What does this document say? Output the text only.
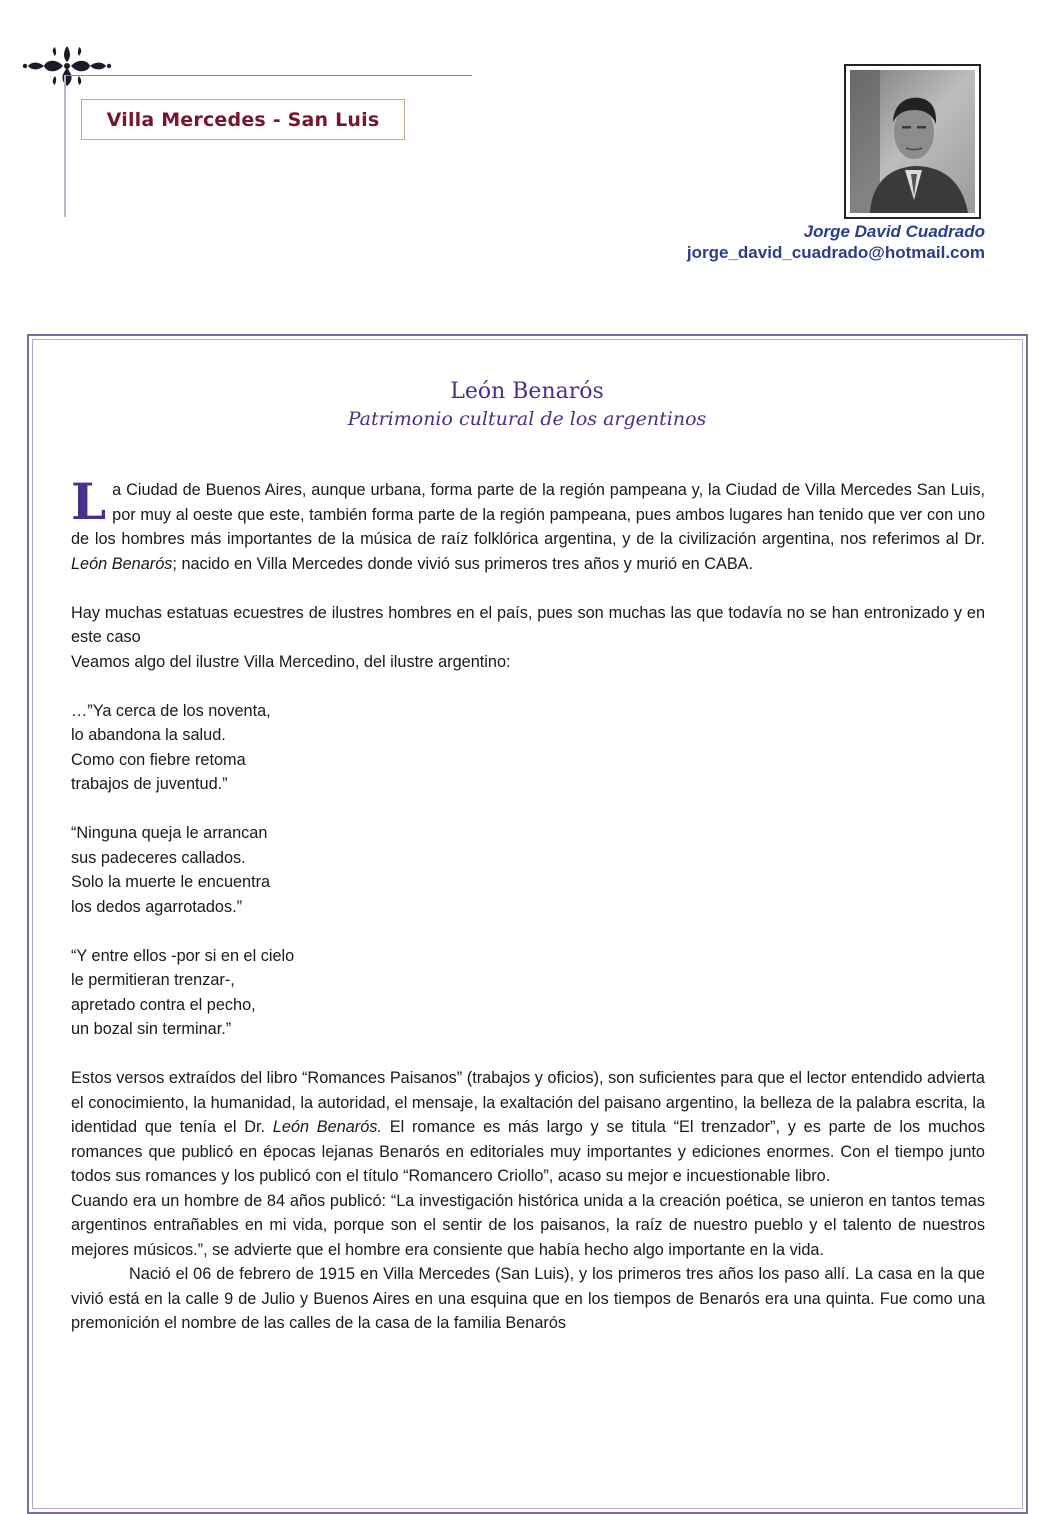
Villa Mercedes - San Luis
Jorge David Cuadrado
jorge_david_cuadrado@hotmail.com
León Benarós
Patrimonio cultural de los argentinos

La Ciudad de Buenos Aires, aunque urbana, forma parte de la región pampeana y, la Ciudad de Villa Mercedes San Luis, por muy al oeste que este, también forma parte de la región pampeana, pues ambos lugares han tenido que ver con uno de los hombres más importantes de la música de raíz folklórica argentina, y de la civilización argentina, nos referimos al Dr. León Benarós; nacido en Villa Mercedes donde vivió sus primeros tres años y murió en CABA.

Hay muchas estatuas ecuestres de ilustres hombres en el país, pues son muchas las que todavía no se han entronizado y en este caso

Veamos algo del ilustre Villa Mercedino, del ilustre argentino:

…”Ya cerca de los noventa,

lo abandona la salud.

Como con fiebre retoma

trabajos de juventud.”

“Ninguna queja le arrancan

sus padeceres callados.

Solo la muerte le encuentra

los dedos agarrotados.”

“Y entre ellos -por si en el cielo

le permitieran trenzar-,

apretado contra el pecho,

un bozal sin terminar.”

Estos versos extraídos del libro “Romances Paisanos” (trabajos y oficios), son suficientes para que el lector entendido advierta el conocimiento, la humanidad, la autoridad, el mensaje, la exaltación del paisano argentino, la belleza de la palabra escrita, la identidad que tenía el Dr. León Benarós. El romance es más largo y se titula “El trenzador”, y es parte de los muchos romances que publicó en épocas lejanas Benarós en editoriales muy importantes y ediciones enormes. Con el tiempo junto todos sus romances y los publicó con el título “Romancero Criollo”, acaso su mejor e incuestionable libro.

Cuando era un hombre de 84 años publicó: “La investigación histórica unida a la creación poética, se unieron en tantos temas argentinos entrañables en mi vida, porque son el sentir de los paisanos, la raíz de nuestro pueblo y el talento de nuestros mejores músicos.”, se advierte que el hombre era consiente que había hecho algo importante en la vida.

Nació el 06 de febrero de 1915 en Villa Mercedes (San Luis), y los primeros tres años los paso allí. La casa en la que vivió está en la calle 9 de Julio y Buenos Aires en una esquina que en los tiempos de Benarós era una quinta. Fue como una premonición el nombre de las calles de la casa de la familia Benarós
